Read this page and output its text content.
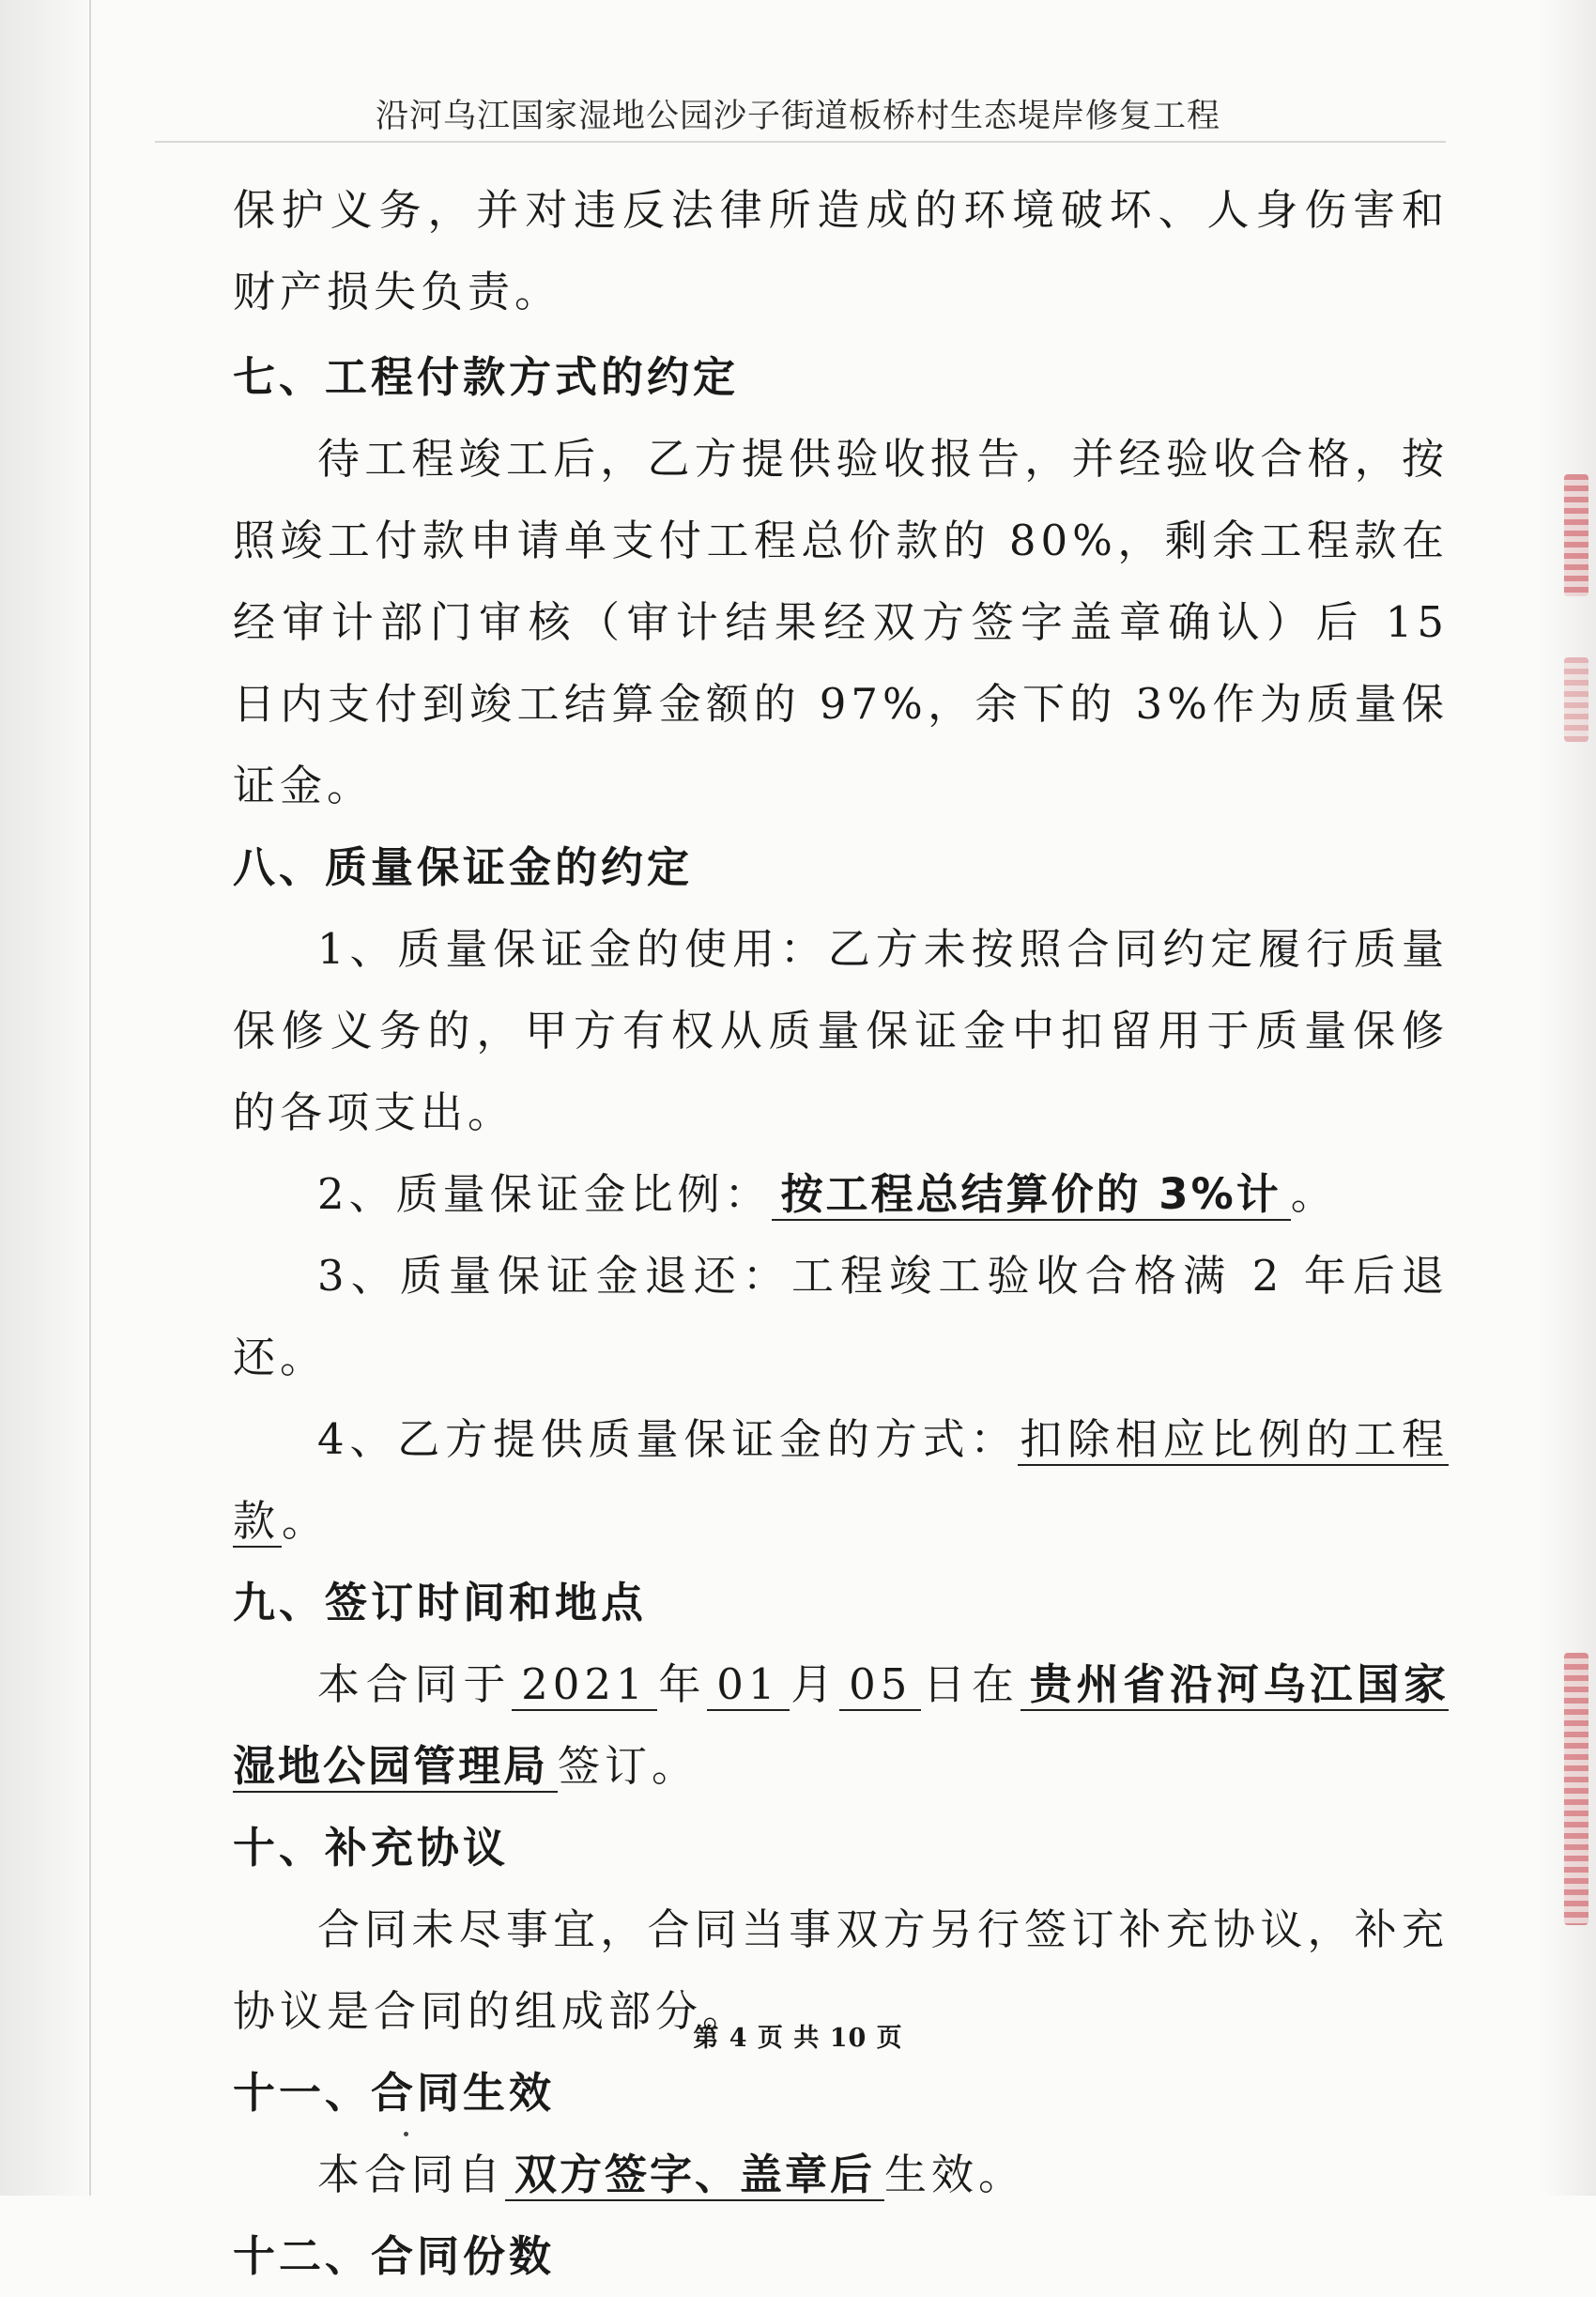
沿河乌江国家湿地公园沙子街道板桥村生态堤岸修复工程

保护义务，并对违反法律所造成的环境破坏、人身伤害和财产损失负责。

七、工程付款方式的约定

待工程竣工后，乙方提供验收报告，并经验收合格，按照竣工付款申请单支付工程总价款的 80%，剩余工程款在经审计部门审核（审计结果经双方签字盖章确认）后 15 日内支付到竣工结算金额的 97%，余下的 3%作为质量保证金。

八、质量保证金的约定

1、质量保证金的使用：乙方未按照合同约定履行质量保修义务的，甲方有权从质量保证金中扣留用于质量保修的各项支出。

2、质量保证金比例： 按工程总结算价的 3%计 。

3、质量保证金退还：工程竣工验收合格满 2 年后退还。

4、乙方提供质量保证金的方式：扣除相应比例的工程款。

九、签订时间和地点

本合同于 2021 年 01 月 05 日在 贵州省沿河乌江国家湿地公园管理局 签订。

十、补充协议

合同未尽事宜，合同当事双方另行签订补充协议，补充协议是合同的组成部分。

十一、合同生效

本合同自 双方签字、盖章后 生效。

十二、合同份数
第 4 页 共 10 页
